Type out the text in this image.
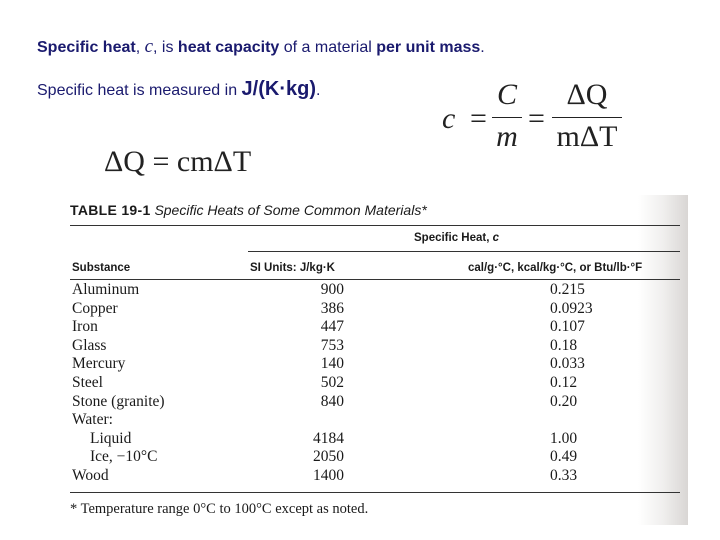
Specific heat, c, is heat capacity of a material per unit mass.
Specific heat is measured in J/(K·kg).
c =
C
m
=
ΔQ
mΔT
ΔQ = cmΔT
TABLE 19-1 Specific Heats of Some Common Materials*
Specific Heat, c
Substance	SI Units: J/kg·K	cal/g·°C, kcal/kg·°C, or Btu/lb·°F
Aluminum	900	0.215
Copper	386	0.0923
Iron	447	0.107
Glass	753	0.18
Mercury	140	0.033
Steel	502	0.12
Stone (granite)	840	0.20
Water:
Liquid	4184	1.00
Ice, −10°C	2050	0.49
Wood	1400	0.33
* Temperature range 0°C to 100°C except as noted.
